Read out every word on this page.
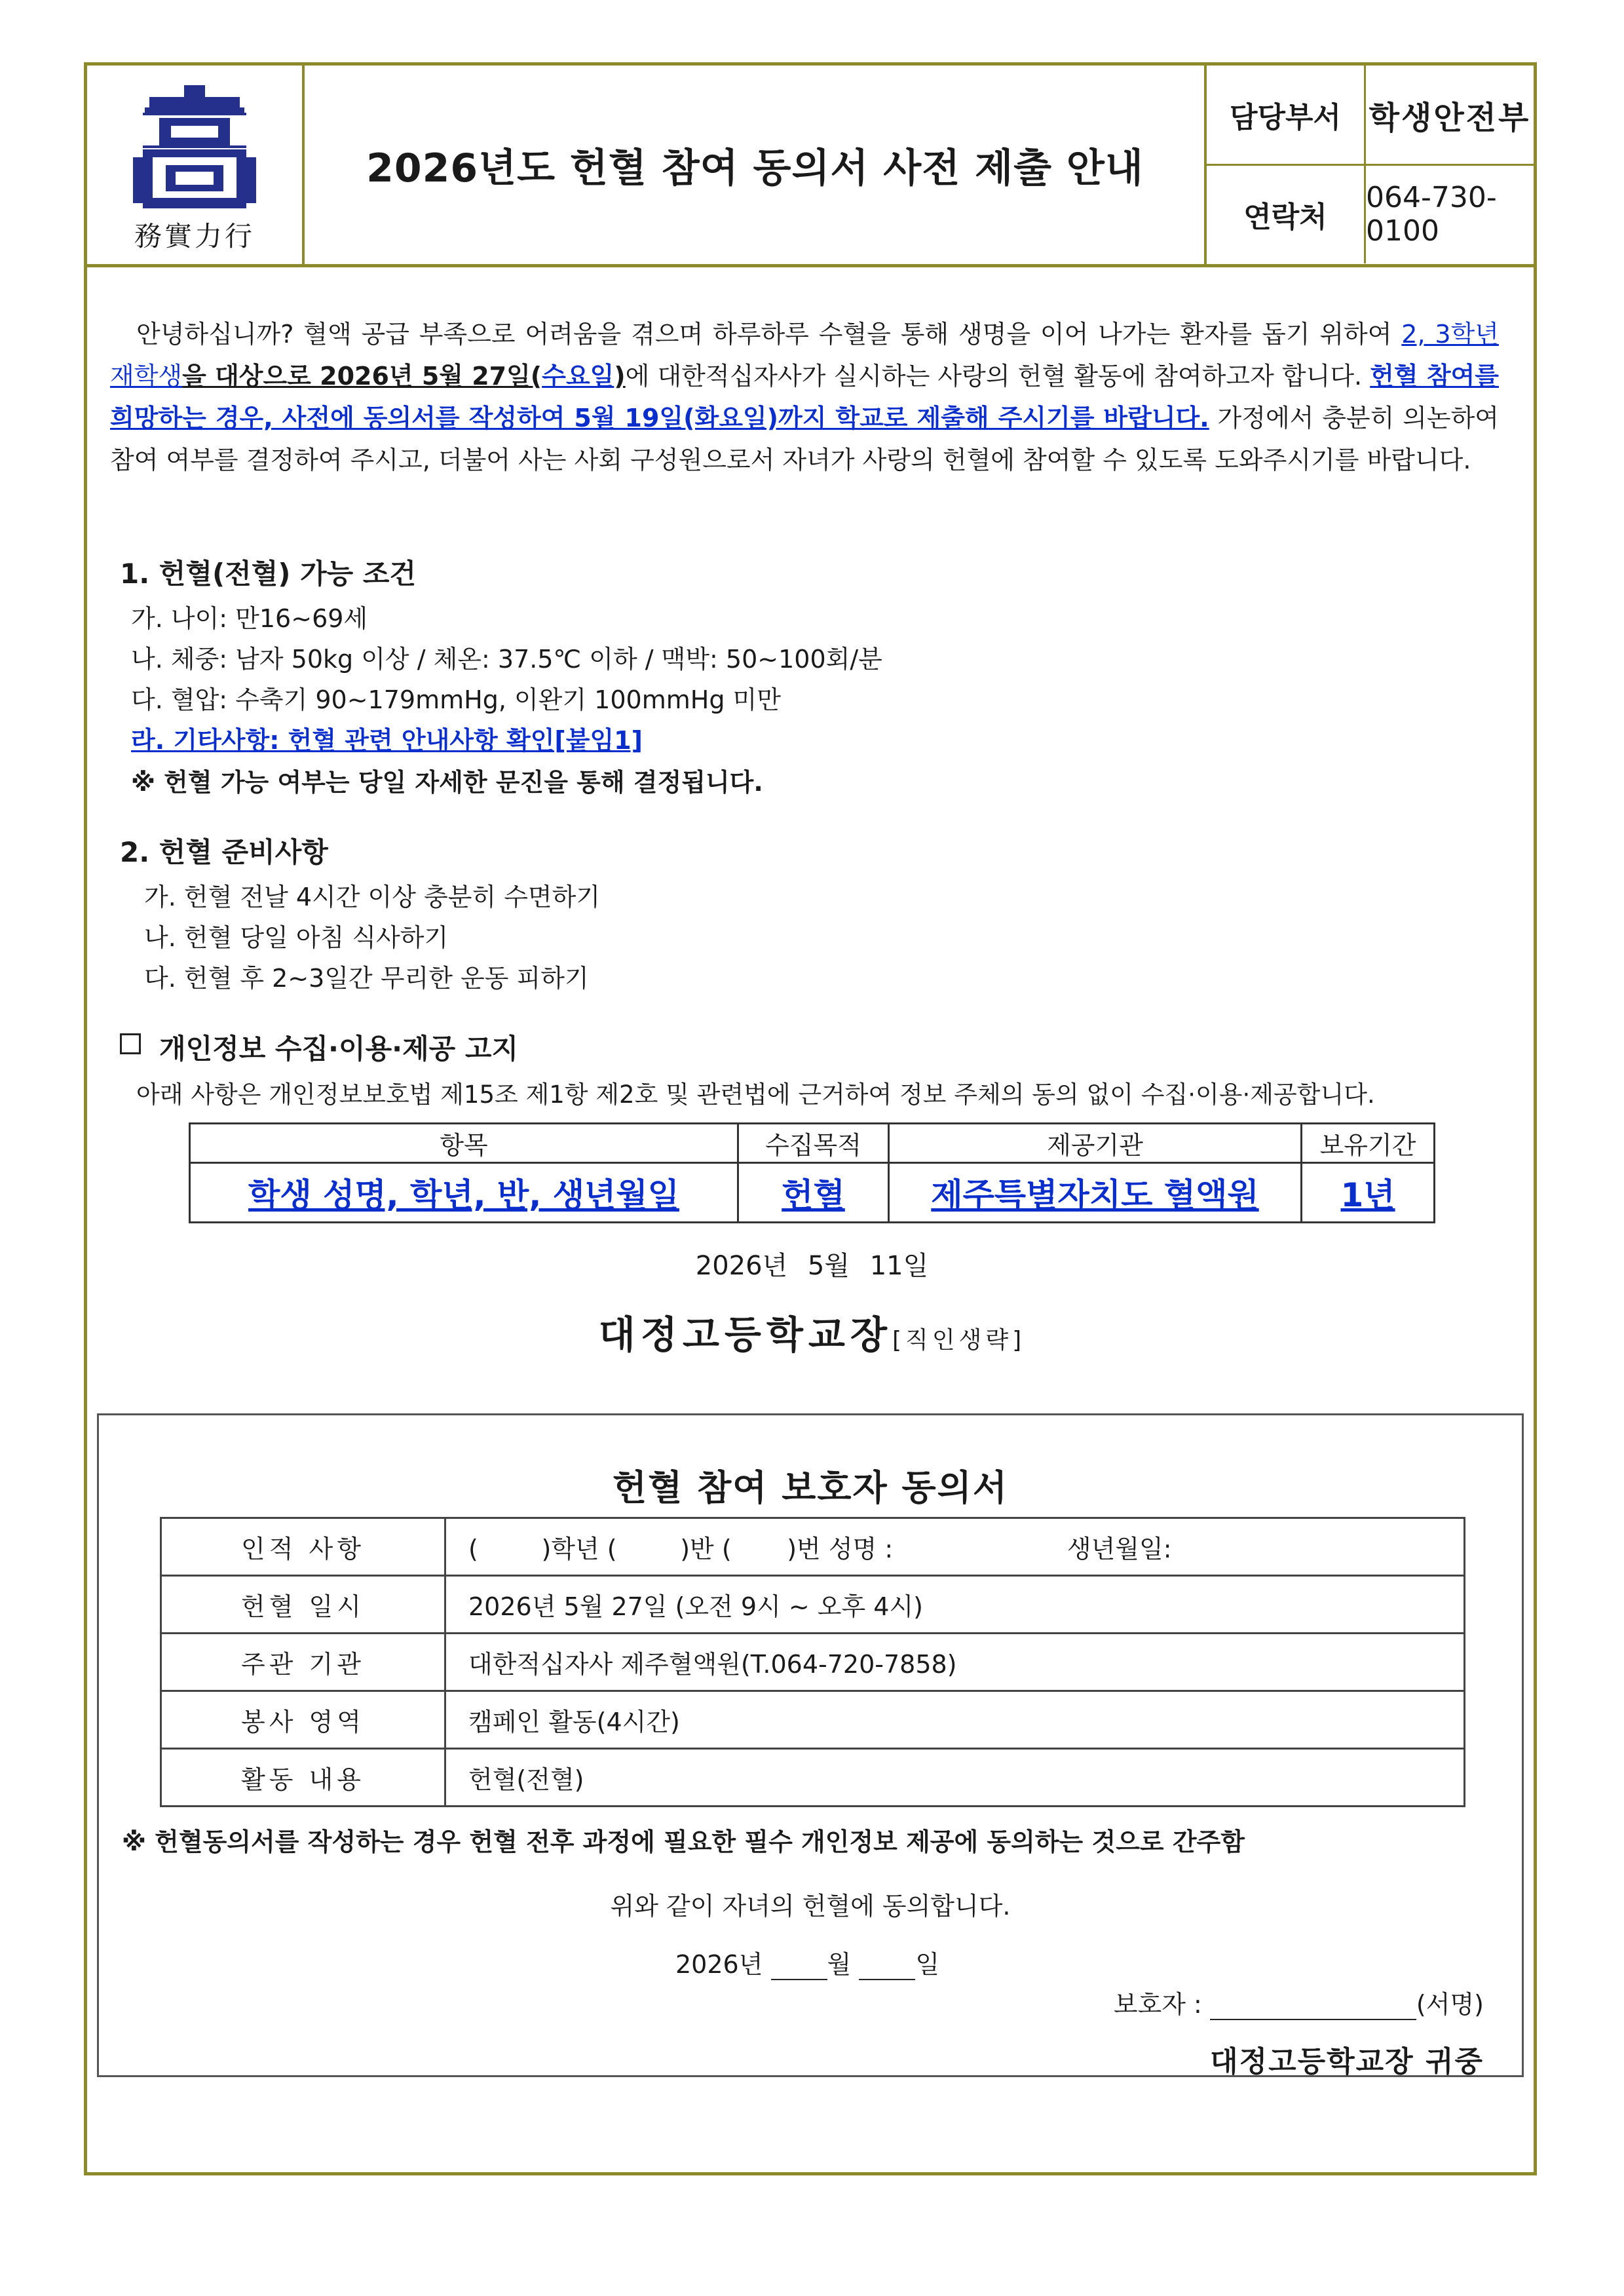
務實力行
2026년도 헌혈 참여 동의서 사전 제출 안내
담당부서 학생안전부
연락처
064-730-0100
안녕하십니까? 혈액 공급 부족으로 어려움을 겪으며 하루하루 수혈을 통해 생명을 이어 나가는 환자를 돕기 위하여 2, 3학년 재학생을 대상으로 2026년 5월 27일(수요일)에 대한적십자사가 실시하는 사랑의 헌혈 활동에 참여하고자 합니다. 헌혈 참여를 희망하는 경우, 사전에 동의서를 작성하여 5월 19일(화요일)까지 학교로 제출해 주시기를 바랍니다. 가정에서 충분히 의논하여 참여 여부를 결정하여 주시고, 더불어 사는 사회 구성원으로서 자녀가 사랑의 헌혈에 참여할 수 있도록 도와주시기를 바랍니다.
1. 헌혈(전혈) 가능 조건
가. 나이: 만16~69세
나. 체중: 남자 50kg 이상 / 체온: 37.5℃ 이하 / 맥박: 50~100회/분
다. 혈압: 수축기 90~179mmHg, 이완기 100mmHg 미만
라. 기타사항: 헌혈 관련 안내사항 확인[붙임1]
※ 헌혈 가능 여부는 당일 자세한 문진을 통해 결정됩니다.
2. 헌혈 준비사항
가. 헌혈 전날 4시간 이상 충분히 수면하기
나. 헌혈 당일 아침 식사하기
다. 헌혈 후 2~3일간 무리한 운동 피하기
개인정보 수집·이용·제공 고지
아래 사항은 개인정보보호법 제15조 제1항 제2호 및 관련법에 근거하여 정보 주체의 동의 없이 수집·이용·제공합니다.
항목	수집목적	제공기관	보유기간
학생 성명, 학년, 반, 생년월일	헌혈	제주특별자치도 혈액원	1년
2026년 5월 11일
대정고등학교장[직인생략]
헌혈 참여 보호자 동의서
인적 사항	(        )학년 (        )반 (       )번 성명 :                      생년월일:
헌혈 일시	2026년 5월 27일 (오전 9시 ~ 오후 4시)
주관 기관	대한적십자사 제주혈액원(T.064-720-7858)
봉사 영역	캠페인 활동(4시간)
활동 내용	헌혈(전혈)
※ 헌혈동의서를 작성하는 경우 헌혈 전후 과정에 필요한 필수 개인정보 제공에 동의하는 것으로 간주함
위와 같이 자녀의 헌혈에 동의합니다.
2026년	월	일
보호자 :	(서명)
대정고등학교장 귀중
